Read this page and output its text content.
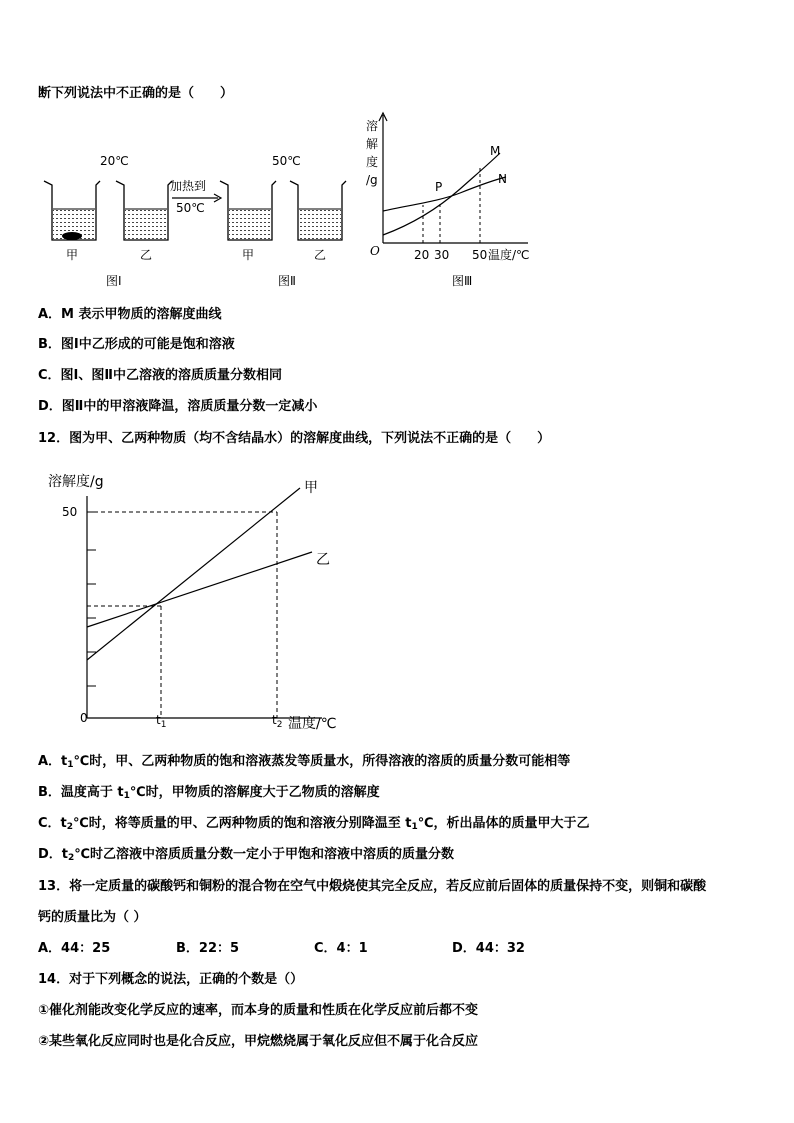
断下列说法中不正确的是（　　）
20℃	50℃
加热到
50℃
甲	乙	甲	乙
图Ⅰ	图Ⅱ	图Ⅲ
溶
解
度
/g
O
M
N
P
20 30 50 温度/℃
A．M 表示甲物质的溶解度曲线
B．图Ⅰ中乙形成的可能是饱和溶液
C．图Ⅰ、图Ⅱ中乙溶液的溶质质量分数相同
D．图Ⅱ中的甲溶液降温，溶质质量分数一定减小
12．图为甲、乙两种物质（均不含结晶水）的溶解度曲线，下列说法不正确的是（　　）
溶解度/g
50
0
甲
乙
$t_1$	$t_2$ 温度/℃
A．$t_1℃$时，甲、乙两种物质的饱和溶液蒸发等质量水，所得溶液的溶质的质量分数可能相等
B．温度高于 $t_1℃$时，甲物质的溶解度大于乙物质的溶解度
C．$t_2℃$时，将等质量的甲、乙两种物质的饱和溶液分别降温至 $t_1℃$，析出晶体的质量甲大于乙
D．$t_2℃$时乙溶液中溶质质量分数一定小于甲饱和溶液中溶质的质量分数
13．将一定质量的碳酸钙和铜粉的混合物在空气中煅烧使其完全反应，若反应前后固体的质量保持不变，则铜和碳酸
钙的质量比为（ ）
A．44：25	B．22：5	C．4：1	D．44：32
14．对于下列概念的说法，正确的个数是（）
①催化剂能改变化学反应的速率，而本身的质量和性质在化学反应前后都不变
②某些氧化反应同时也是化合反应，甲烷燃烧属于氧化反应但不属于化合反应
